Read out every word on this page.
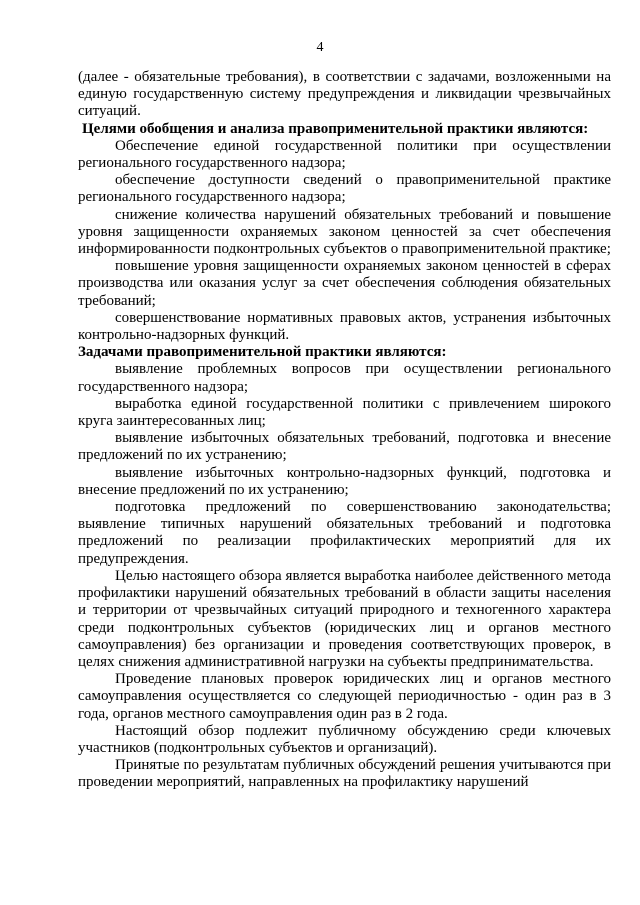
4

(далее - обязательные требования), в соответствии с задачами, возложенными на единую государственную систему предупреждения и ликвидации чрезвычайных ситуаций.

Целями обобщения и анализа правоприменительной практики являются:

Обеспечение единой государственной политики при осуществлении регионального государственного надзора;

обеспечение доступности сведений о правоприменительной практике регионального государственного надзора;

снижение количества нарушений обязательных требований и повышение уровня защищенности охраняемых законом ценностей за счет обеспечения информированности подконтрольных субъектов о правоприменительной практике;

повышение уровня защищенности охраняемых законом ценностей в сферах производства или оказания услуг за счет обеспечения соблюдения обязательных требований;

совершенствование нормативных правовых актов, устранения избыточных контрольно-надзорных функций.

Задачами правоприменительной практики являются:

выявление проблемных вопросов при осуществлении регионального государственного надзора;

выработка единой государственной политики с привлечением широкого круга заинтересованных лиц;

выявление избыточных обязательных требований, подготовка и внесение предложений по их устранению;

выявление избыточных контрольно-надзорных функций, подготовка и внесение предложений по их устранению;

подготовка предложений по совершенствованию законодательства; выявление типичных нарушений обязательных требований и подготовка предложений по реализации профилактических мероприятий для их предупреждения.

Целью настоящего обзора является выработка наиболее действенного метода профилактики нарушений обязательных требований в области защиты населения и территории от чрезвычайных ситуаций природного и техногенного характера среди подконтрольных субъектов (юридических лиц и органов местного самоуправления) без организации и проведения соответствующих проверок, в целях снижения административной нагрузки на субъекты предпринимательства.

Проведение плановых проверок юридических лиц и органов местного самоуправления осуществляется со следующей периодичностью - один раз в 3 года, органов местного самоуправления один раз в 2 года.

Настоящий обзор подлежит публичному обсуждению среди ключевых участников (подконтрольных субъектов и организаций).

Принятые по результатам публичных обсуждений решения учитываются при проведении мероприятий, направленных на профилактику нарушений
